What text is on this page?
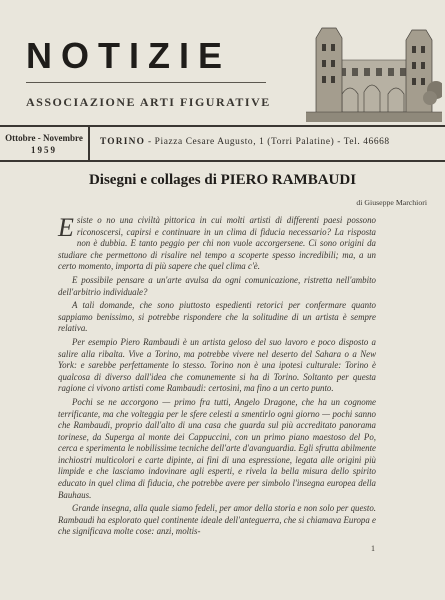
NOTIZIE
ASSOCIAZIONE ARTI FIGURATIVE
Ottobre - Novembre
1959
TORINO - Piazza Cesare Augusto, 1 (Torri Palatine) - Tel. 46668
Disegni e collages di PIERO RAMBAUDI
di Giuseppe Marchiori

Esiste o no una civiltà pittorica in cui molti artisti di differenti paesi possono riconoscersi, capirsi e continuare in un clima di fiducia necessario? La risposta non è dubbia. E tanto peggio per chi non vuole accorgersene. Ci sono origini da studiare che permettono di risalire nel tempo a scoperte spesso incredibili; ma, a un certo momento, importa di più sapere che quel clima c'è.

E possibile pensare a un'arte avulsa da ogni comunicazione, ristretta nell'ambito dell'arbitrio individuale?

A tali domande, che sono piuttosto espedienti retorici per confermare quanto sappiamo benissimo, si potrebbe rispondere che la solitudine di un artista è sempre relativa.

Per esempio Piero Rambaudi è un artista geloso del suo lavoro e poco disposto a salire alla ribalta. Vive a Torino, ma potrebbe vivere nel deserto del Sahara o a New York: e sarebbe perfettamente lo stesso. Torino non è una ipotesi culturale: Torino è qualcosa di diverso dall'idea che comunemente si ha di Torino. Soltanto per questa ragione ci vivono artisti come Rambaudi: certosini, ma fino a un certo punto.

Pochi se ne accorgono — primo fra tutti, Angelo Dragone, che ha un cognome terrificante, ma che volteggia per le sfere celesti a smentirlo ogni giorno — pochi sanno che Rambaudi, proprio dall'alto di una casa che guarda sul più accreditato panorama torinese, da Superga al monte dei Cappuccini, con un primo piano maestoso del Po, cerca e sperimenta le nobilissime tecniche dell'arte d'avanguardia. Egli sfrutta abilmente inchiostri multicolori e carte dipinte, ai fini di una espressione, legata alle origini più limpide e che lasciamo indovinare agli esperti, e rivela la bella misura dello spirito educato in quel clima di fiducia, che potrebbe avere per simbolo l'insegna europea della Bauhaus.

Grande insegna, alla quale siamo fedeli, per amor della storia e non solo per questo. Rambaudi ha esplorato quel continente ideale dell'anteguerra, che si chiamava Europa e che significava molte cose: anzi, moltis-

1
